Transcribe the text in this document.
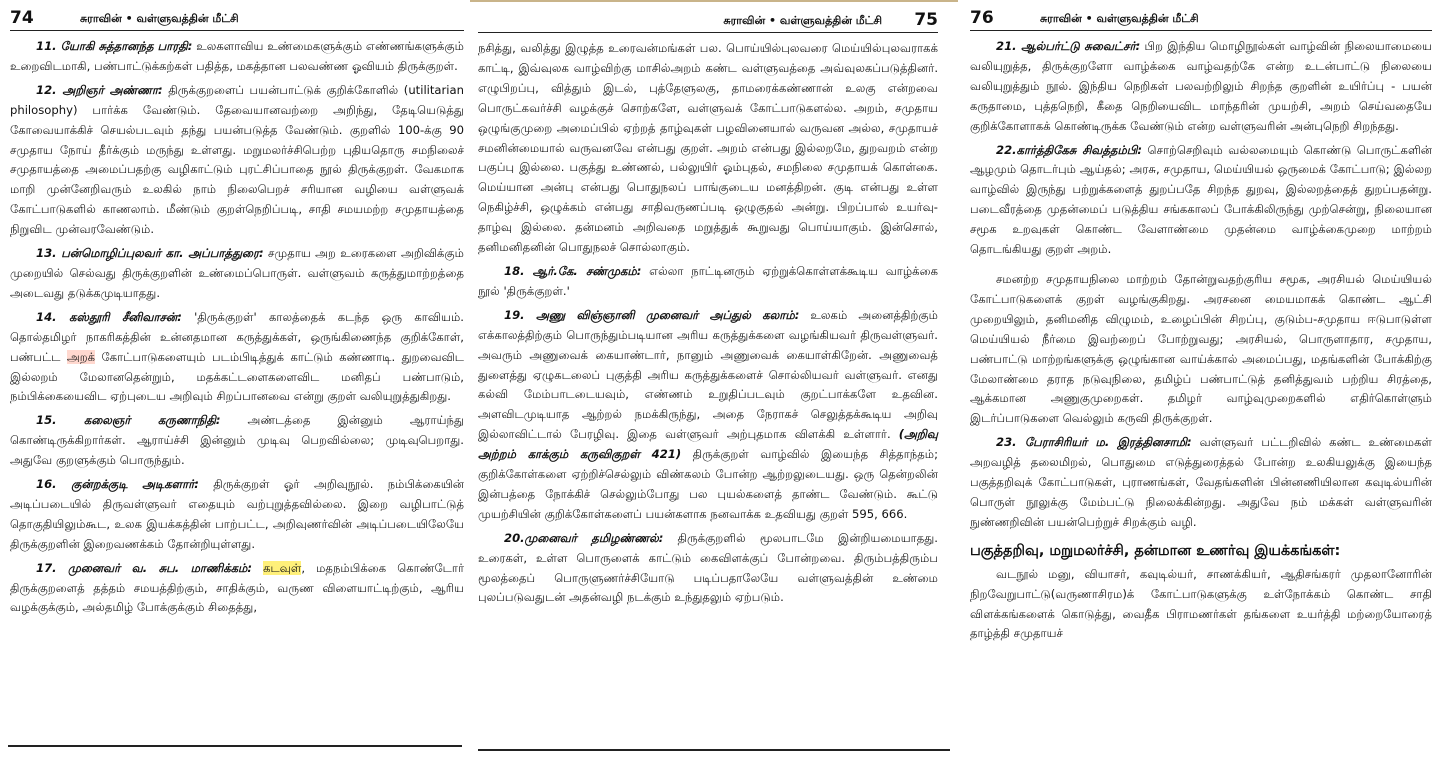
74	சுராவின் • வள்ளுவத்தின் மீட்சி

11. யோகி சுத்தானந்த பாரதி: உலகளாவிய உண்மைகளுக்கும் எண்ணங்களுக்கும் உறைவிடமாகி, பண்பாட்டுக்கற்கள் பதித்த, மகத்தான பலவண்ண ஓவியம் திருக்குறள்.

12. அறிஞர் அண்ணா: திருக்குறளைப் பயன்பாட்டுக் குறிக்கோளில் (utilitarian philosophy) பார்க்க வேண்டும். தேவையானவற்றை அறிந்து, தேடியெடுத்து கோவையாக்கிச் செயல்படவும் தந்து பயன்படுத்த வேண்டும். குறளில் 100-க்கு 90 சமுதாய நோய் தீர்க்கும் மருந்து உள்ளது. மறுமலர்ச்சிபெற்ற புதியதொரு சமநிலைச் சமுதாயத்தை அமைப்பதற்கு வழிகாட்டும் புரட்சிப்பாதை நூல் திருக்குறள். வேகமாக மாறி முன்னேறிவரும் உலகில் நாம் நிலைபெறச் சரியான வழியை வள்ளுவக் கோட்பாடுகளில் காணலாம். மீண்டும் குறள்நெறிப்படி, சாதி சமயமற்ற சமுதாயத்தை நிறுவிட முன்வரவேண்டும்.

13. பன்மொழிப்புலவர் கா. அப்பாத்துரை: சமுதாய அற உரைகளை அறிவிக்கும் முறையில் செல்வது திருக்குறளின் உண்மைப்பொருள். வள்ளுவம் கருத்துமாற்றத்தை அடைவது தடுக்கமுடியாதது.

14. கஸ்தூரி சீனிவாசன்: 'திருக்குறள்' காலத்தைக் கடந்த ஒரு காவியம். தொல்தமிழர் நாகரிகத்தின் உன்னதமான கருத்துக்கள், ஒருங்கிணைந்த குறிக்கோள், பண்பட்ட அறக் கோட்பாடுகளையும் படம்பிடித்துக் காட்டும் கண்ணாடி. துறவைவிட இல்லறம் மேலானதென்றும், மதக்கட்டளைகளைவிட மனிதப் பண்பாடும், நம்பிக்கையைவிட ஏற்புடைய அறிவும் சிறப்பானவை என்று குறள் வலியுறுத்துகிறது.

15. கலைஞர் கருணாநிதி: அண்டத்தை இன்னும் ஆராய்ந்து கொண்டிருக்கிறார்கள். ஆராய்ச்சி இன்னும் முடிவு பெறவில்லை; முடிவுபெறாது. அதுவே குறளுக்கும் பொருந்தும்.

16. குன்றக்குடி அடிகளார்: திருக்குறள் ஓர் அறிவுநூல். நம்பிக்கையின் அடிப்படையில் திருவள்ளுவர் எதையும் வற்புறுத்தவில்லை. இறை வழிபாட்டுத் தொகுதியிலும்கூட, உலக இயக்கத்தின் பாற்பட்ட, அறிவுணர்வின் அடிப்படையிலேயே திருக்குறளின் இறைவணக்கம் தோன்றியுள்ளது.

17. முனைவர் வ. சுப. மாணிக்கம்: கடவுள், மதநம்பிக்கை கொண்டோர் திருக்குறளைத் தத்தம் சமயத்திற்கும், சாதிக்கும், வருண விளையாட்டிற்கும், ஆரிய வழக்குக்கும், அல்தமிழ் போக்குக்கும் சிதைத்து,

சுராவின் • வள்ளுவத்தின் மீட்சி 75

நசித்து, வலித்து இழுத்த உரைவன்மங்கள் பல. பொய்யில்புலவரை மெய்யில்புலவராகக் காட்டி, இவ்வுலக வாழ்விற்கு மாசில்அறம் கண்ட வள்ளுவத்தை அவ்வுலகப்படுத்தினர். எழுபிறப்பு, வித்தும் இடல், புத்தேளுலகு, தாமரைக்கண்ணான் உலகு என்றவை பொருட்கவர்ச்சி வழக்குச் சொற்களே, வள்ளுவக் கோட்பாடுகளல்ல. அறம், சமுதாய ஒழுங்குமுறை அமைப்பில் ஏற்றத் தாழ்வுகள் பழவினையால் வருவன அல்ல, சமுதாயச் சமனின்மையால் வருவனவே என்பது குறள். அறம் என்பது இல்லறமே, துறவறம் என்ற பகுப்பு இல்லை. பகுத்து உண்ணல், பல்லுயிர் ஓம்புதல், சமநிலை சமுதாயக் கொள்கை. மெய்யான அன்பு என்பது பொதுநலப் பாங்குடைய மனத்திறன். குடி என்பது உள்ள நெகிழ்ச்சி, ஒழுக்கம் என்பது சாதிவருணப்படி ஒழுகுதல் அன்று. பிறப்பால் உயர்வு-தாழ்வு இல்லை. தன்மனம் அறிவதை மறுத்துக் கூறுவது பொய்யாகும். இன்சொல், தனிமனிதனின் பொதுநலச் சொல்லாகும்.

18. ஆர்.கே. சண்முகம்: எல்லா நாட்டினரும் ஏற்றுக்கொள்ளக்கூடிய வாழ்க்கை நூல் 'திருக்குறள்.'

19. அணு விஞ்ஞானி முனைவர் அப்துல் கலாம்: உலகம் அனைத்திற்கும் எக்காலத்திற்கும் பொருந்தும்படியான அரிய கருத்துக்களை வழங்கியவர் திருவள்ளுவர். அவரும் அணுவைக் கையாண்டார், நானும் அணுவைக் கையாள்கிறேன். அணுவைத் துளைத்து ஏழுகடலைப் புகுத்தி அரிய கருத்துக்களைச் சொல்லியவர் வள்ளுவர். எனது கல்வி மேம்பாடடையவும், எண்ணம் உறுதிப்படவும் குறட்பாக்களே உதவின. அளவிடமுடியாத ஆற்றல் நமக்கிருந்து, அதை நேராகச் செலுத்தக்கூடிய அறிவு இல்லாவிட்டால் பேரழிவு. இதை வள்ளுவர் அற்புதமாக விளக்கி உள்ளார். (அறிவு அற்றம் காக்கும் கருவிகுறள் 421) திருக்குறள் வாழ்வில் இயைந்த சித்தாந்தம்; குறிக்கோள்களை ஏற்றிச்செல்லும் விண்கலம் போன்ற ஆற்றலுடையது. ஒரு தென்றலின் இன்பத்தை நோக்கிச் செல்லும்போது பல புயல்களைத் தாண்ட வேண்டும். கூட்டு முயற்சியின் குறிக்கோள்களைப் பயன்களாக நனவாக்க உதவியது குறள் 595, 666.

20.முனைவர் தமிழண்ணல்: திருக்குறளில் மூலபாடமே இன்றியமையாதது. உரைகள், உள்ள பொருளைக் காட்டும் கைவிளக்குப் போன்றவை. திரும்பத்திரும்ப மூலத்தைப் பொருளுணர்ச்சியோடு படிப்பதாலேயே வள்ளுவத்தின் உண்மை புலப்படுவதுடன் அதன்வழி நடக்கும் உந்துதலும் ஏற்படும்.

76	சுராவின் • வள்ளுவத்தின் மீட்சி

21. ஆல்பர்ட்டு சுவைட்சர்: பிற இந்திய மொழிநூல்கள் வாழ்வின் நிலையாமையை வலியுறுத்த, திருக்குறளோ வாழ்க்கை வாழ்வதற்கே என்ற உடன்பாட்டு நிலையை வலியுறுத்தும் நூல். இந்திய நெறிகள் பலவற்றிலும் சிறந்த குறளின் உயிர்ப்பு - பயன் கருதாமை, புத்தநெறி, கீதை நெறியைவிட மாந்தரின் முயற்சி, அறம் செய்வதையே குறிக்கோளாகக் கொண்டிருக்க வேண்டும் என்ற வள்ளுவரின் அன்புநெறி சிறந்தது.

22.கார்த்திகேசு சிவத்தம்பி: சொற்செறிவும் வல்லமையும் கொண்டு பொருட்களின் ஆழமும் தொடர்பும் ஆய்தல்; அரசு, சமுதாய, மெய்யியல் ஒருமைக் கோட்பாடு; இல்லற வாழ்வில் இருந்து பற்றுக்களைத் துறப்பதே சிறந்த துறவு, இல்லறத்தைத் துறப்பதன்று. படைவீரத்தை முதன்மைப் படுத்திய சங்ககாலப் போக்கிலிருந்து முற்சென்று, நிலையான சமூக உறவுகள் கொண்ட வேளாண்மை முதன்மை வாழ்க்கைமுறை மாற்றம் தொடங்கியது குறள் அறம்.

சமனற்ற சமுதாயநிலை மாற்றம் தோன்றுவதற்குரிய சமூக, அரசியல் மெய்யியல் கோட்பாடுகளைக் குறள் வழங்குகிறது. அரசனை மையமாகக் கொண்ட ஆட்சி முறையிலும், தனிமனித விழுமம், உழைப்பின் சிறப்பு, குடும்ப-சமுதாய ஈடுபாடுள்ள மெய்யியல் நீர்மை இவற்றைப் போற்றுவது; அரசியல், பொருளாதார, சமுதாய, பண்பாட்டு மாற்றங்களுக்கு ஒழுங்கான வாய்க்கால் அமைப்பது, மதங்களின் போக்கிற்கு மேலாண்மை தராத நடுவுநிலை, தமிழ்ப் பண்பாட்டுத் தனித்துவம் பற்றிய சிரத்தை, ஆக்கமான அணுகுமுறைகள். தமிழர் வாழ்வுமுறைகளில் எதிர்கொள்ளும் இடர்ப்பாடுகளை வெல்லும் கருவி திருக்குறள்.

23. பேராசிரியர் ம. இரத்தினசாமி: வள்ளுவர் பட்டறிவில் கண்ட உண்மைகள் அறவழித் தலைமிறல், பொதுமை எடுத்துரைத்தல் போன்ற உலகியலுக்கு இயைந்த பகுத்தறிவுக் கோட்பாடுகள், புராணங்கள், வேதங்களின் பின்னணியிலான கவுடில்யரின் பொருள் நூலுக்கு மேம்பட்டு நிலைக்கின்றது. அதுவே நம் மக்கள் வள்ளுவரின் நுண்ணறிவின் பயன்பெற்றுச் சிறக்கும் வழி.

பகுத்தறிவு, மறுமலர்ச்சி, தன்மான உணர்வு இயக்கங்கள்:

வடநூல் மனு, வியாசர், கவுடில்யர், சாணக்கியர், ஆதிசங்கரர் முதலானோரின் நிறவேறுபாட்டு(வருணாசிரம)க் கோட்பாடுகளுக்கு உள்நோக்கம் கொண்ட சாதி விளக்கங்களைக் கொடுத்து, வைதீக பிராமணர்கள் தங்களை உயர்த்தி மற்றையோரைத் தாழ்த்தி சமுதாயச்
